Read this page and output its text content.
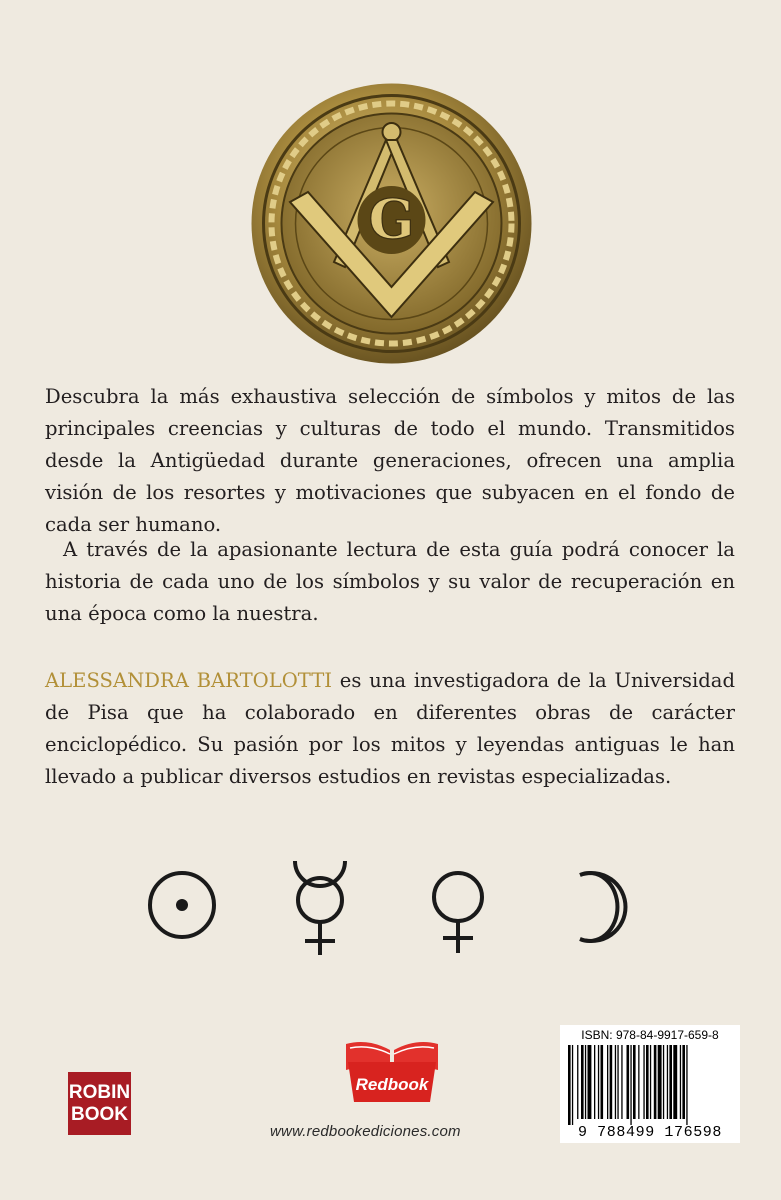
G

Descubra la más exhaustiva selección de símbolos y mitos de las principales creencias y culturas de todo el mundo. Transmitidos desde la Antigüedad durante generaciones, ofrecen una amplia visión de los resortes y motivaciones que subyacen en el fondo de cada ser humano.

A través de la apasionante lectura de esta guía podrá conocer la historia de cada uno de los símbolos y su valor de recuperación en una época como la nuestra.

ALESSANDRA BARTOLOTTI es una investigadora de la Universidad de Pisa que ha colaborado en diferentes obras de carácter enciclopédico. Su pasión por los mitos y leyendas antiguas le han llevado a publicar diversos estudios en revistas especializadas.

ROBIN
BOOK
Redbook
www.redbookediciones.com
ISBN: 978-84-9917-659-8
9 788499 176598
